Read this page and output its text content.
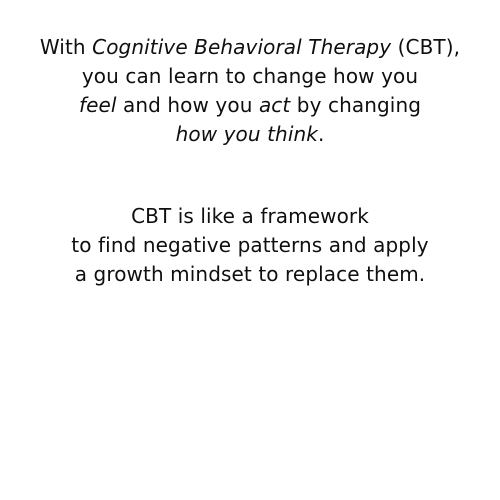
With Cognitive Behavioral Therapy (CBT),
you can learn to change how you
feel and how you act by changing
how you think.
CBT is like a framework
to find negative patterns and apply
a growth mindset to replace them.
